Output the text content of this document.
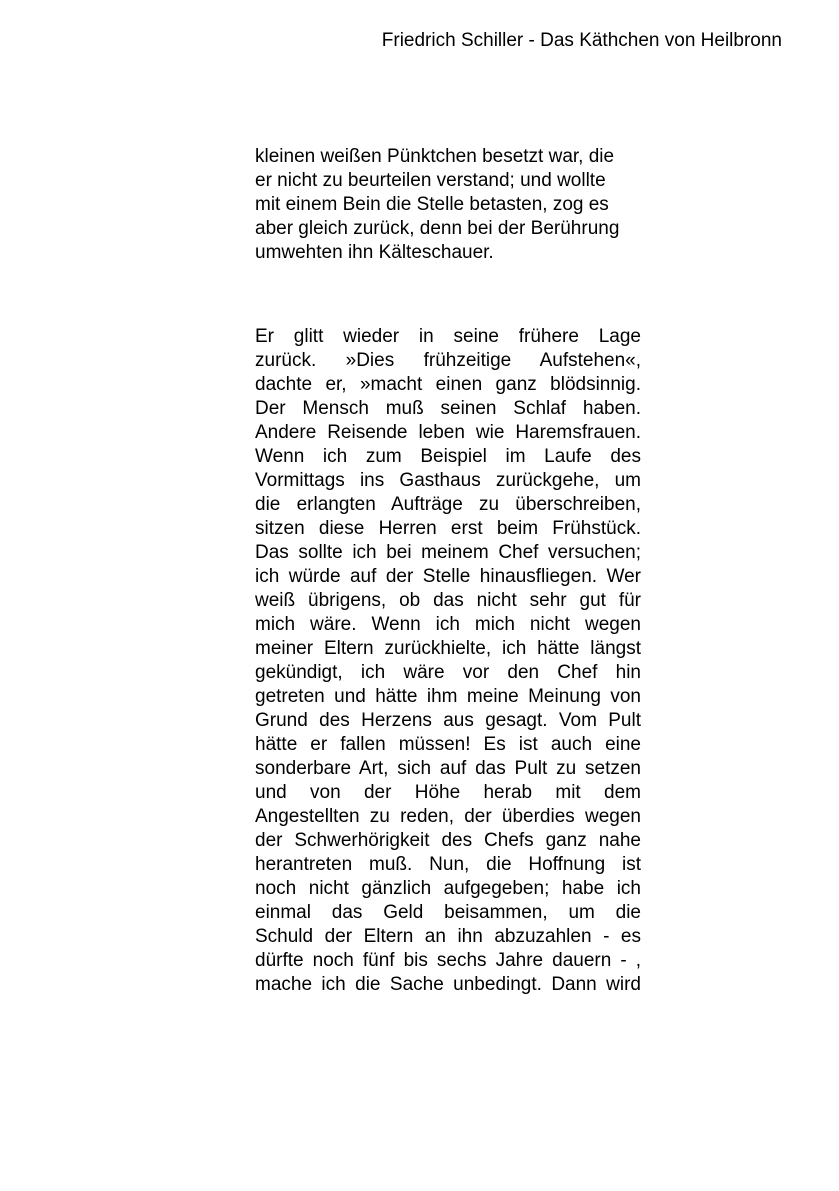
Friedrich Schiller - Das Käthchen von Heilbronn
kleinen weißen Pünktchen besetzt war, die
er nicht zu beurteilen verstand; und wollte
mit einem Bein die Stelle betasten, zog es
aber gleich zurück, denn bei der Berührung
umwehten ihn Kälteschauer.
Er glitt wieder in seine frühere Lage
zurück. »Dies frühzeitige Aufstehen«,
dachte er, »macht einen ganz blödsinnig.
Der Mensch muß seinen Schlaf haben.
Andere Reisende leben wie Haremsfrauen.
Wenn ich zum Beispiel im Laufe des
Vormittags ins Gasthaus zurückgehe, um
die erlangten Aufträge zu überschreiben,
sitzen diese Herren erst beim Frühstück.
Das sollte ich bei meinem Chef versuchen;
ich würde auf der Stelle hinausfliegen. Wer
weiß übrigens, ob das nicht sehr gut für
mich wäre. Wenn ich mich nicht wegen
meiner Eltern zurückhielte, ich hätte längst
gekündigt, ich wäre vor den Chef hin
getreten und hätte ihm meine Meinung von
Grund des Herzens aus gesagt. Vom Pult
hätte er fallen müssen! Es ist auch eine
sonderbare Art, sich auf das Pult zu setzen
und von der Höhe herab mit dem
Angestellten zu reden, der überdies wegen
der Schwerhörigkeit des Chefs ganz nahe
herantreten muß. Nun, die Hoffnung ist
noch nicht gänzlich aufgegeben; habe ich
einmal das Geld beisammen, um die
Schuld der Eltern an ihn abzuzahlen - es
dürfte noch fünf bis sechs Jahre dauern - ,
mache ich die Sache unbedingt. Dann wird
